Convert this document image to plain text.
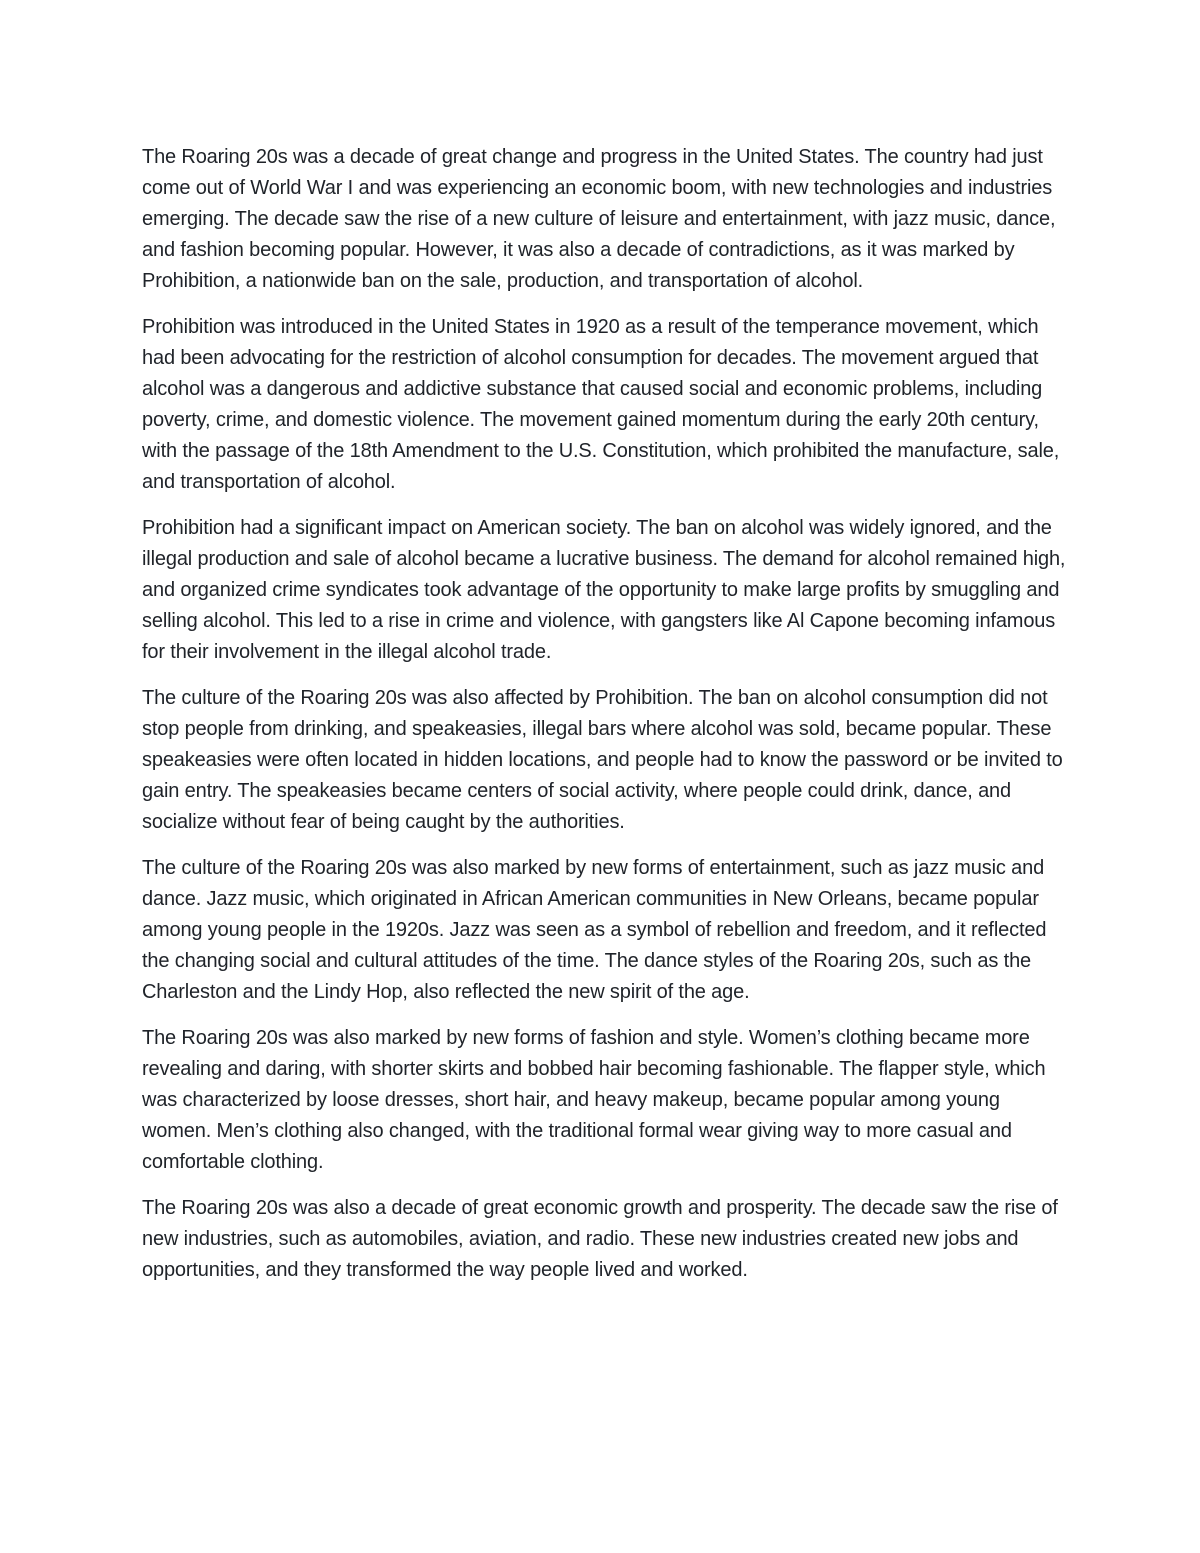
The Roaring 20s was a decade of great change and progress in the United States. The country had just come out of World War I and was experiencing an economic boom, with new technologies and industries emerging. The decade saw the rise of a new culture of leisure and entertainment, with jazz music, dance, and fashion becoming popular. However, it was also a decade of contradictions, as it was marked by Prohibition, a nationwide ban on the sale, production, and transportation of alcohol.

Prohibition was introduced in the United States in 1920 as a result of the temperance movement, which had been advocating for the restriction of alcohol consumption for decades. The movement argued that alcohol was a dangerous and addictive substance that caused social and economic problems, including poverty, crime, and domestic violence. The movement gained momentum during the early 20th century, with the passage of the 18th Amendment to the U.S. Constitution, which prohibited the manufacture, sale, and transportation of alcohol.

Prohibition had a significant impact on American society. The ban on alcohol was widely ignored, and the illegal production and sale of alcohol became a lucrative business. The demand for alcohol remained high, and organized crime syndicates took advantage of the opportunity to make large profits by smuggling and selling alcohol. This led to a rise in crime and violence, with gangsters like Al Capone becoming infamous for their involvement in the illegal alcohol trade.

The culture of the Roaring 20s was also affected by Prohibition. The ban on alcohol consumption did not stop people from drinking, and speakeasies, illegal bars where alcohol was sold, became popular. These speakeasies were often located in hidden locations, and people had to know the password or be invited to gain entry. The speakeasies became centers of social activity, where people could drink, dance, and socialize without fear of being caught by the authorities.

The culture of the Roaring 20s was also marked by new forms of entertainment, such as jazz music and dance. Jazz music, which originated in African American communities in New Orleans, became popular among young people in the 1920s. Jazz was seen as a symbol of rebellion and freedom, and it reflected the changing social and cultural attitudes of the time. The dance styles of the Roaring 20s, such as the Charleston and the Lindy Hop, also reflected the new spirit of the age.

The Roaring 20s was also marked by new forms of fashion and style. Women’s clothing became more revealing and daring, with shorter skirts and bobbed hair becoming fashionable. The flapper style, which was characterized by loose dresses, short hair, and heavy makeup, became popular among young women. Men’s clothing also changed, with the traditional formal wear giving way to more casual and comfortable clothing.

The Roaring 20s was also a decade of great economic growth and prosperity. The decade saw the rise of new industries, such as automobiles, aviation, and radio. These new industries created new jobs and opportunities, and they transformed the way people lived and worked.
